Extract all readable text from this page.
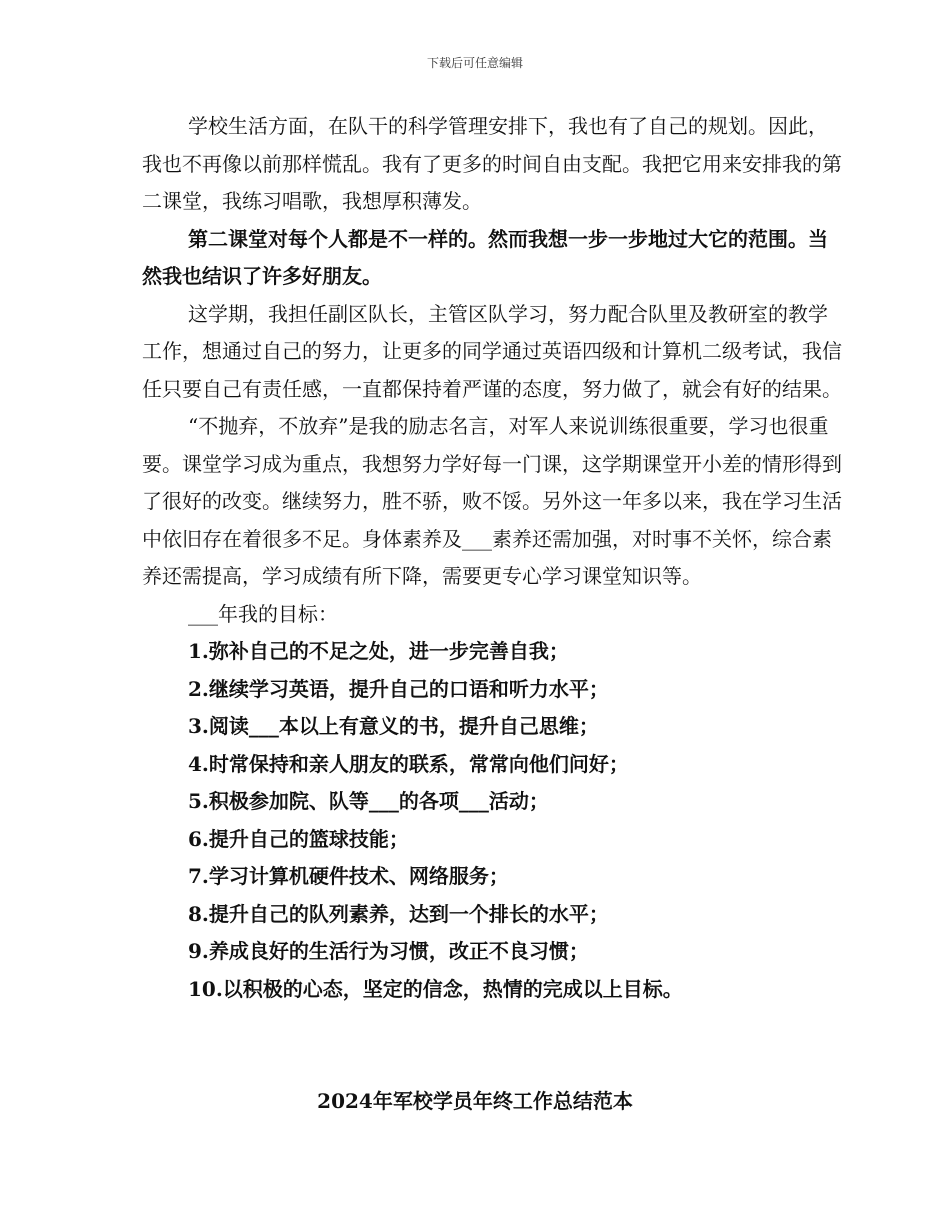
下载后可任意编辑

学校生活方面，在队干的科学管理安排下，我也有了自己的规划。因此，我也不再像以前那样慌乱。我有了更多的时间自由支配。我把它用来安排我的第二课堂，我练习唱歌，我想厚积薄发。

第二课堂对每个人都是不一样的。然而我想一步一步地过大它的范围。当然我也结识了许多好朋友。

这学期，我担任副区队长，主管区队学习，努力配合队里及教研室的教学工作，想通过自己的努力，让更多的同学通过英语四级和计算机二级考试，我信任只要自己有责任感，一直都保持着严谨的态度，努力做了，就会有好的结果。

“不抛弃，不放弃”是我的励志名言，对军人来说训练很重要，学习也很重要。课堂学习成为重点，我想努力学好每一门课，这学期课堂开小差的情形得到了很好的改变。继续努力，胜不骄，败不馁。另外这一年多以来，我在学习生活中依旧存在着很多不足。身体素养及___素养还需加强，对时事不关怀，综合素养还需提高，学习成绩有所下降，需要更专心学习课堂知识等。

___年我的目标：

1.弥补自己的不足之处，进一步完善自我；
2.继续学习英语，提升自己的口语和听力水平；
3.阅读___本以上有意义的书，提升自己思维；
4.时常保持和亲人朋友的联系，常常向他们问好；
5.积极参加院、队等___的各项___活动；
6.提升自己的篮球技能；
7.学习计算机硬件技术、网络服务；
8.提升自己的队列素养，达到一个排长的水平；
9.养成良好的生活行为习惯，改正不良习惯；
10.以积极的心态，坚定的信念，热情的完成以上目标。
2024年军校学员年终工作总结范本
